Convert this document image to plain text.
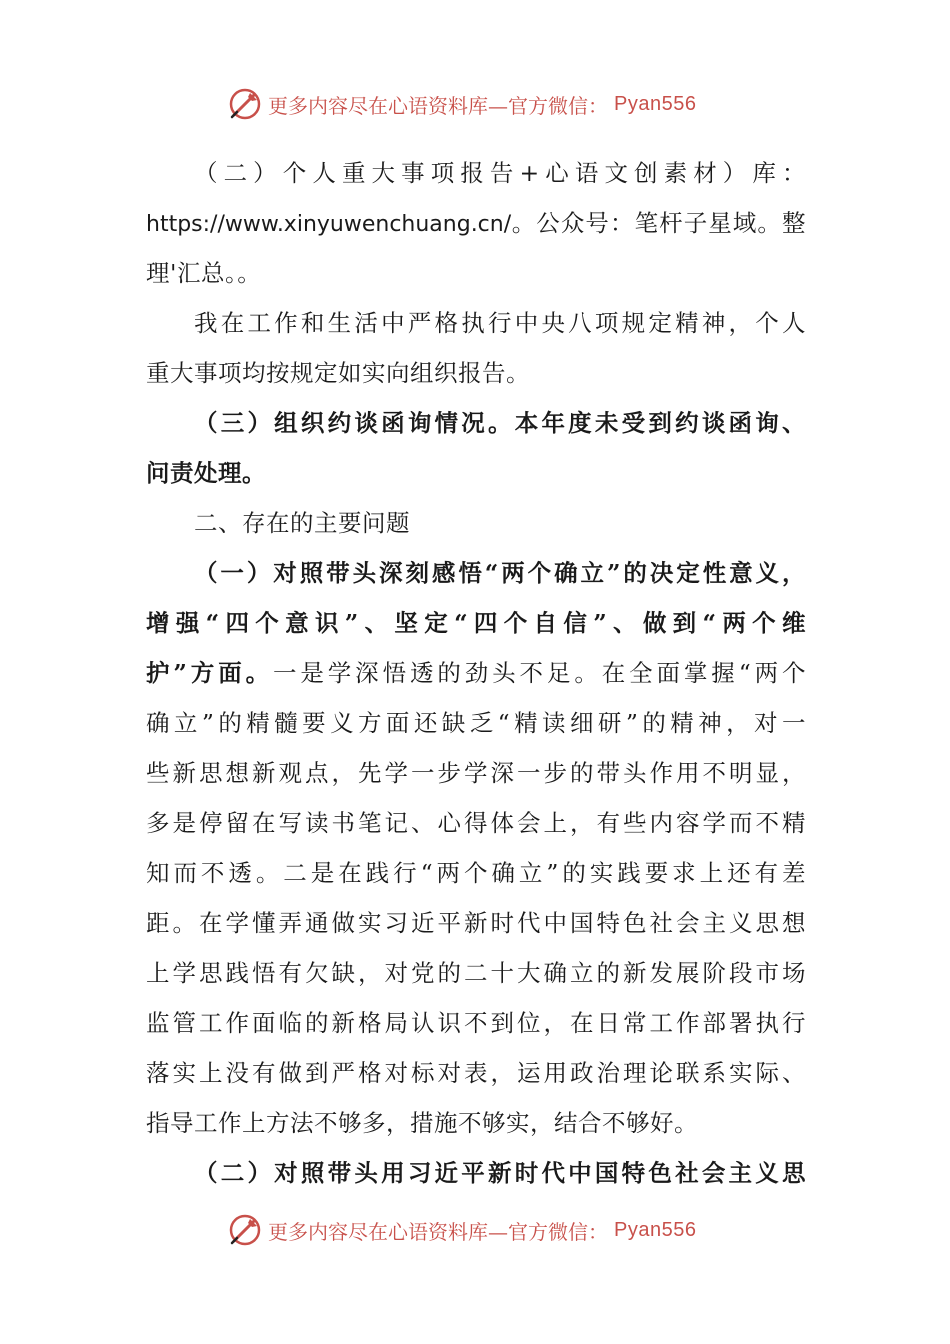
更多内容尽在心语资料库—官方微信： Pyan556
（二）个人重大事项报告+心语文创素材）库：
https://www.xinyuwenchuang.cn/。公众号：笔杆子星域。整
理'汇总。。
我在工作和生活中严格执行中央八项规定精神，个人
重大事项均按规定如实向组织报告。
（三）组织约谈函询情况。本年度未受到约谈函询、
问责处理。
二、存在的主要问题
（一）对照带头深刻感悟“两个确立”的决定性意义，
增强“四个意识”、坚定“四个自信”、做到“两个维
护”方面。一是学深悟透的劲头不足。在全面掌握“两个
确立”的精髓要义方面还缺乏“精读细研”的精神，对一
些新思想新观点，先学一步学深一步的带头作用不明显，
多是停留在写读书笔记、心得体会上，有些内容学而不精
知而不透。二是在践行“两个确立”的实践要求上还有差
距。在学懂弄通做实习近平新时代中国特色社会主义思想
上学思践悟有欠缺，对党的二十大确立的新发展阶段市场
监管工作面临的新格局认识不到位，在日常工作部署执行
落实上没有做到严格对标对表，运用政治理论联系实际、
指导工作上方法不够多，措施不够实，结合不够好。
（二）对照带头用习近平新时代中国特色社会主义思
更多内容尽在心语资料库—官方微信： Pyan556
